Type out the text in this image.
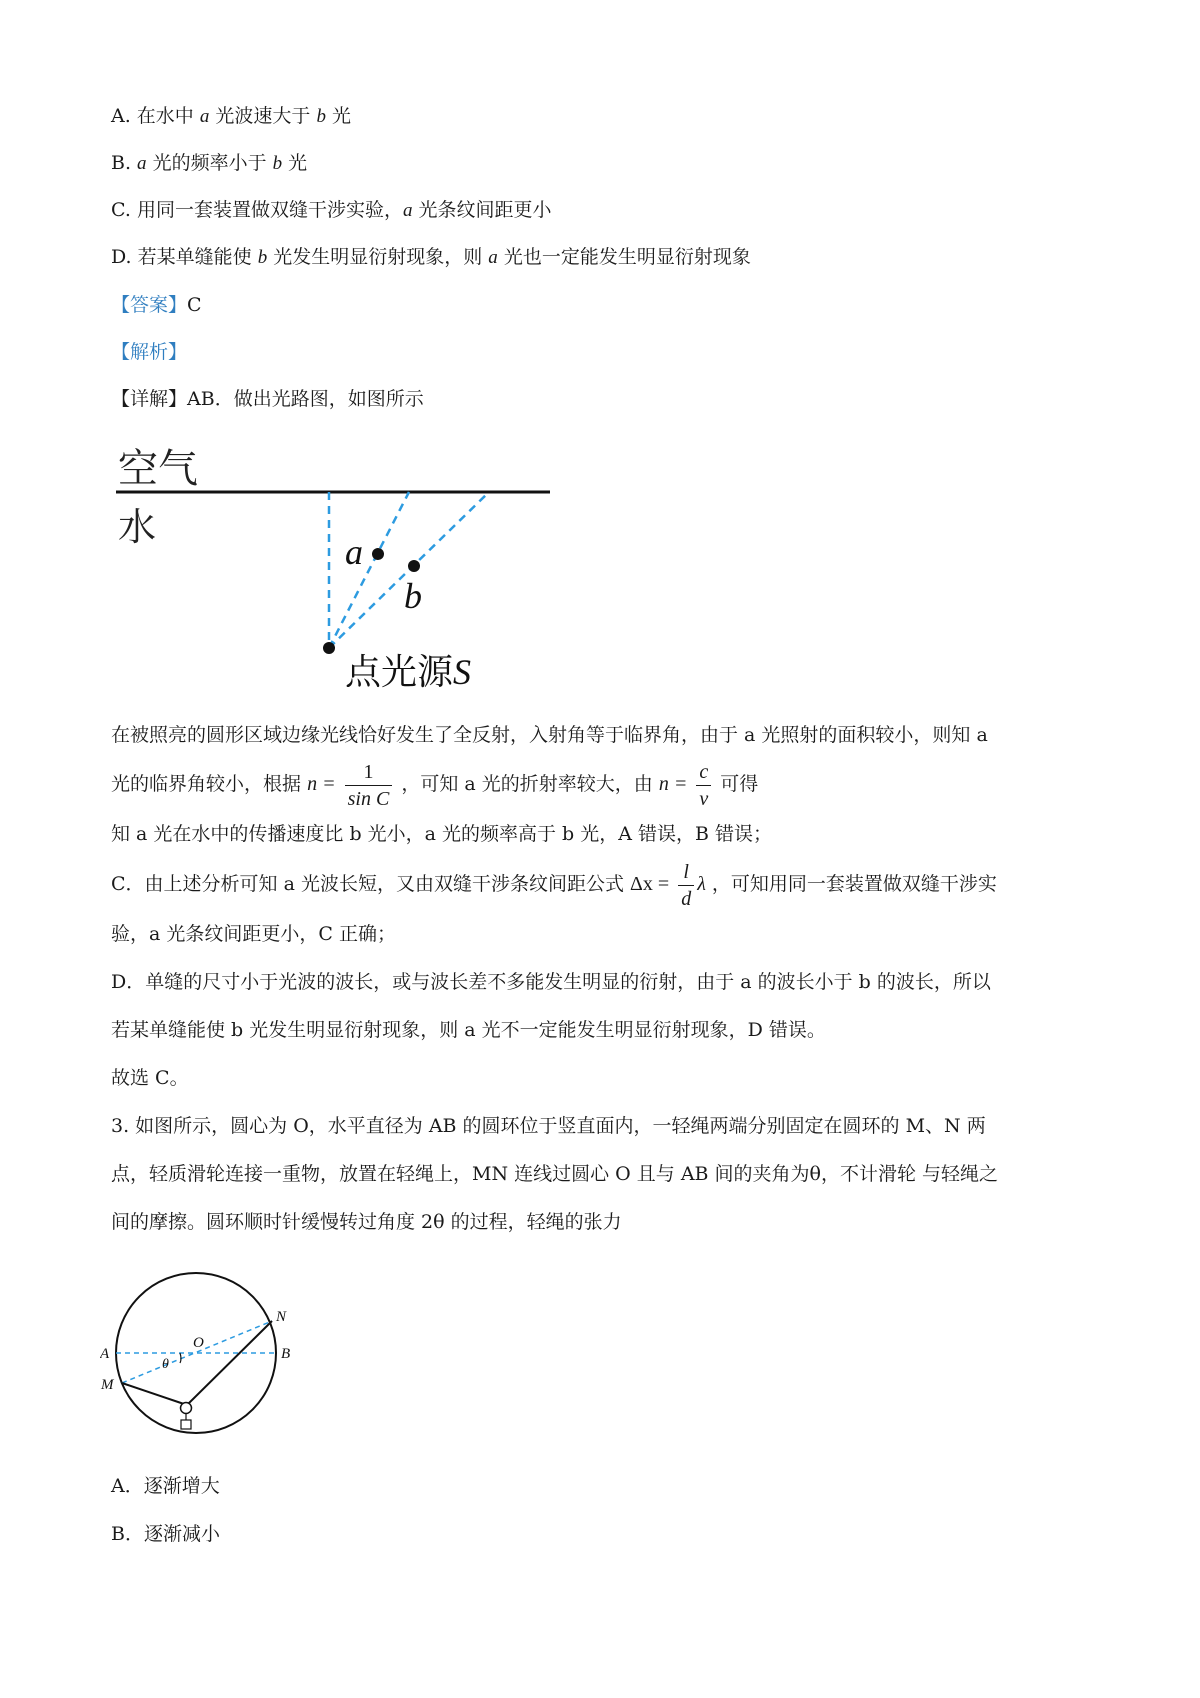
A. 在水中 a 光波速大于 b 光
B. a 光的频率小于 b 光
C. 用同一套装置做双缝干涉实验，a 光条纹间距更小
D. 若某单缝能使 b 光发生明显衍射现象，则 a 光也一定能发生明显衍射现象
【答案】C
【解析】
【详解】AB．做出光路图，如图所示
空气
水
a
b
点光源S
在被照亮的圆形区域边缘光线恰好发生了全反射，入射角等于临界角，由于 a 光照射的面积较小，则知 a
光的临界角较小，根据 $n = \frac{1}{\text{sin C}}$ ，可知 a 光的折射率较大，由 $n = \frac{c}{v}$ 可得
知 a 光在水中的传播速度比 b 光小，a 光的频率高于 b 光，A 错误，B 错误；
C．由上述分析可知 a 光波长短，又由双缝干涉条纹间距公式 $\Delta x = \frac{l}{d}$ λ ，可知用同一套装置做双缝干涉实
验，a 光条纹间距更小，C 正确；
D．单缝的尺寸小于光波的波长，或与波长差不多能发生明显的衍射，由于 a 的波长小于 b 的波长，所以
若某单缝能使 b 光发生明显衍射现象，则 a 光不一定能发生明显衍射现象，D 错误。
故选 C。
3. 如图所示，圆心为 O，水平直径为 AB 的圆环位于竖直面内，一轻绳两端分别固定在圆环的 M、N 两
点，轻质滑轮连接一重物，放置在轻绳上，MN 连线过圆心 O 且与 AB 间的夹角为θ，不计滑轮 与轻绳之
间的摩擦。圆环顺时针缓慢转过角度 2θ 的过程，轻绳的张力
A	B
O
M
N
θ
A．逐渐增大
B．逐渐减小
